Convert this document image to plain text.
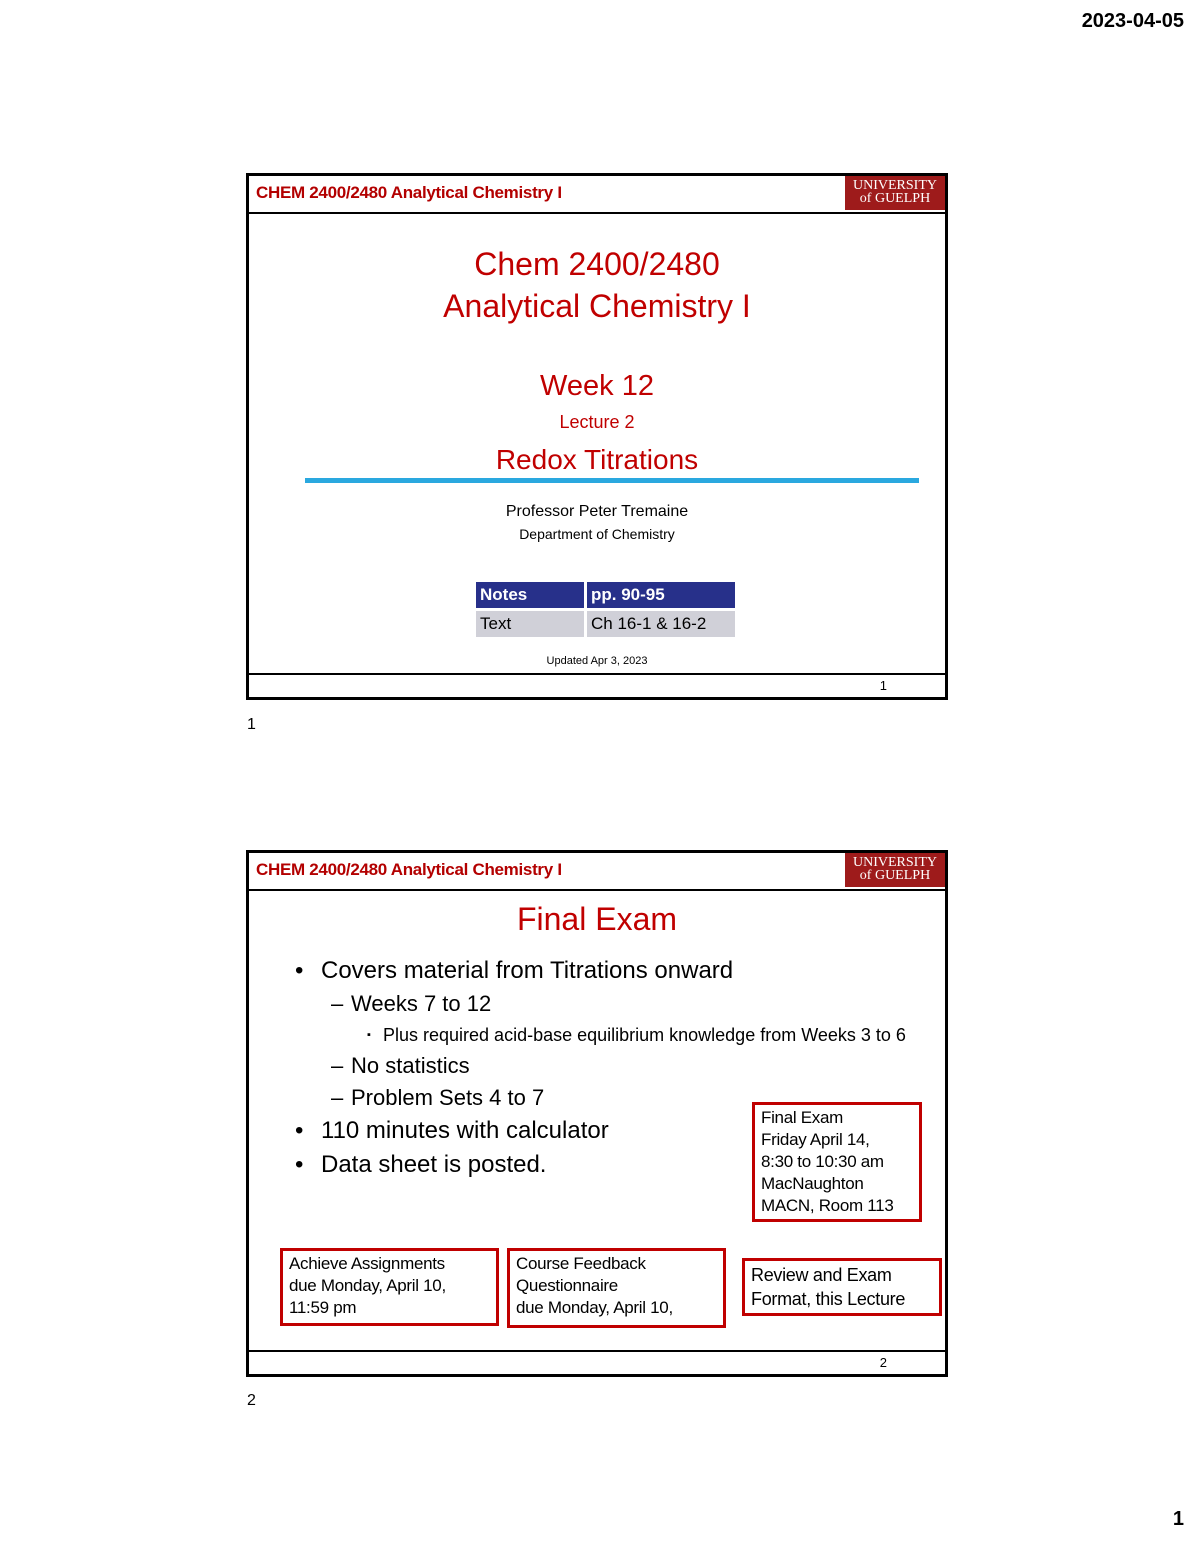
2023-04-05
CHEM 2400/2480 Analytical Chemistry I	UNIVERSITY
of GUELPH
Chem 2400/2480
Analytical Chemistry I
Week 12
Lecture 2
Redox Titrations
Professor Peter Tremaine
Department of Chemistry
Notes	pp. 90-95
Text	Ch 16-1 & 16-2
Updated Apr 3, 2023
1
1
CHEM 2400/2480 Analytical Chemistry I	UNIVERSITY
of GUELPH
Final Exam
• Covers material from Titrations onward
– Weeks 7 to 12
▪ Plus required acid-base equilibrium knowledge from Weeks 3 to 6
– No statistics
– Problem Sets 4 to 7
• 110 minutes with calculator
• Data sheet is posted.
Final Exam
Friday April 14,
8:30 to 10:30 am
MacNaughton
MACN, Room 113
Achieve Assignments
due Monday, April 10,
11:59 pm
Course Feedback
Questionnaire
due Monday, April 10,
Review and Exam
Format, this Lecture
2
2
1
